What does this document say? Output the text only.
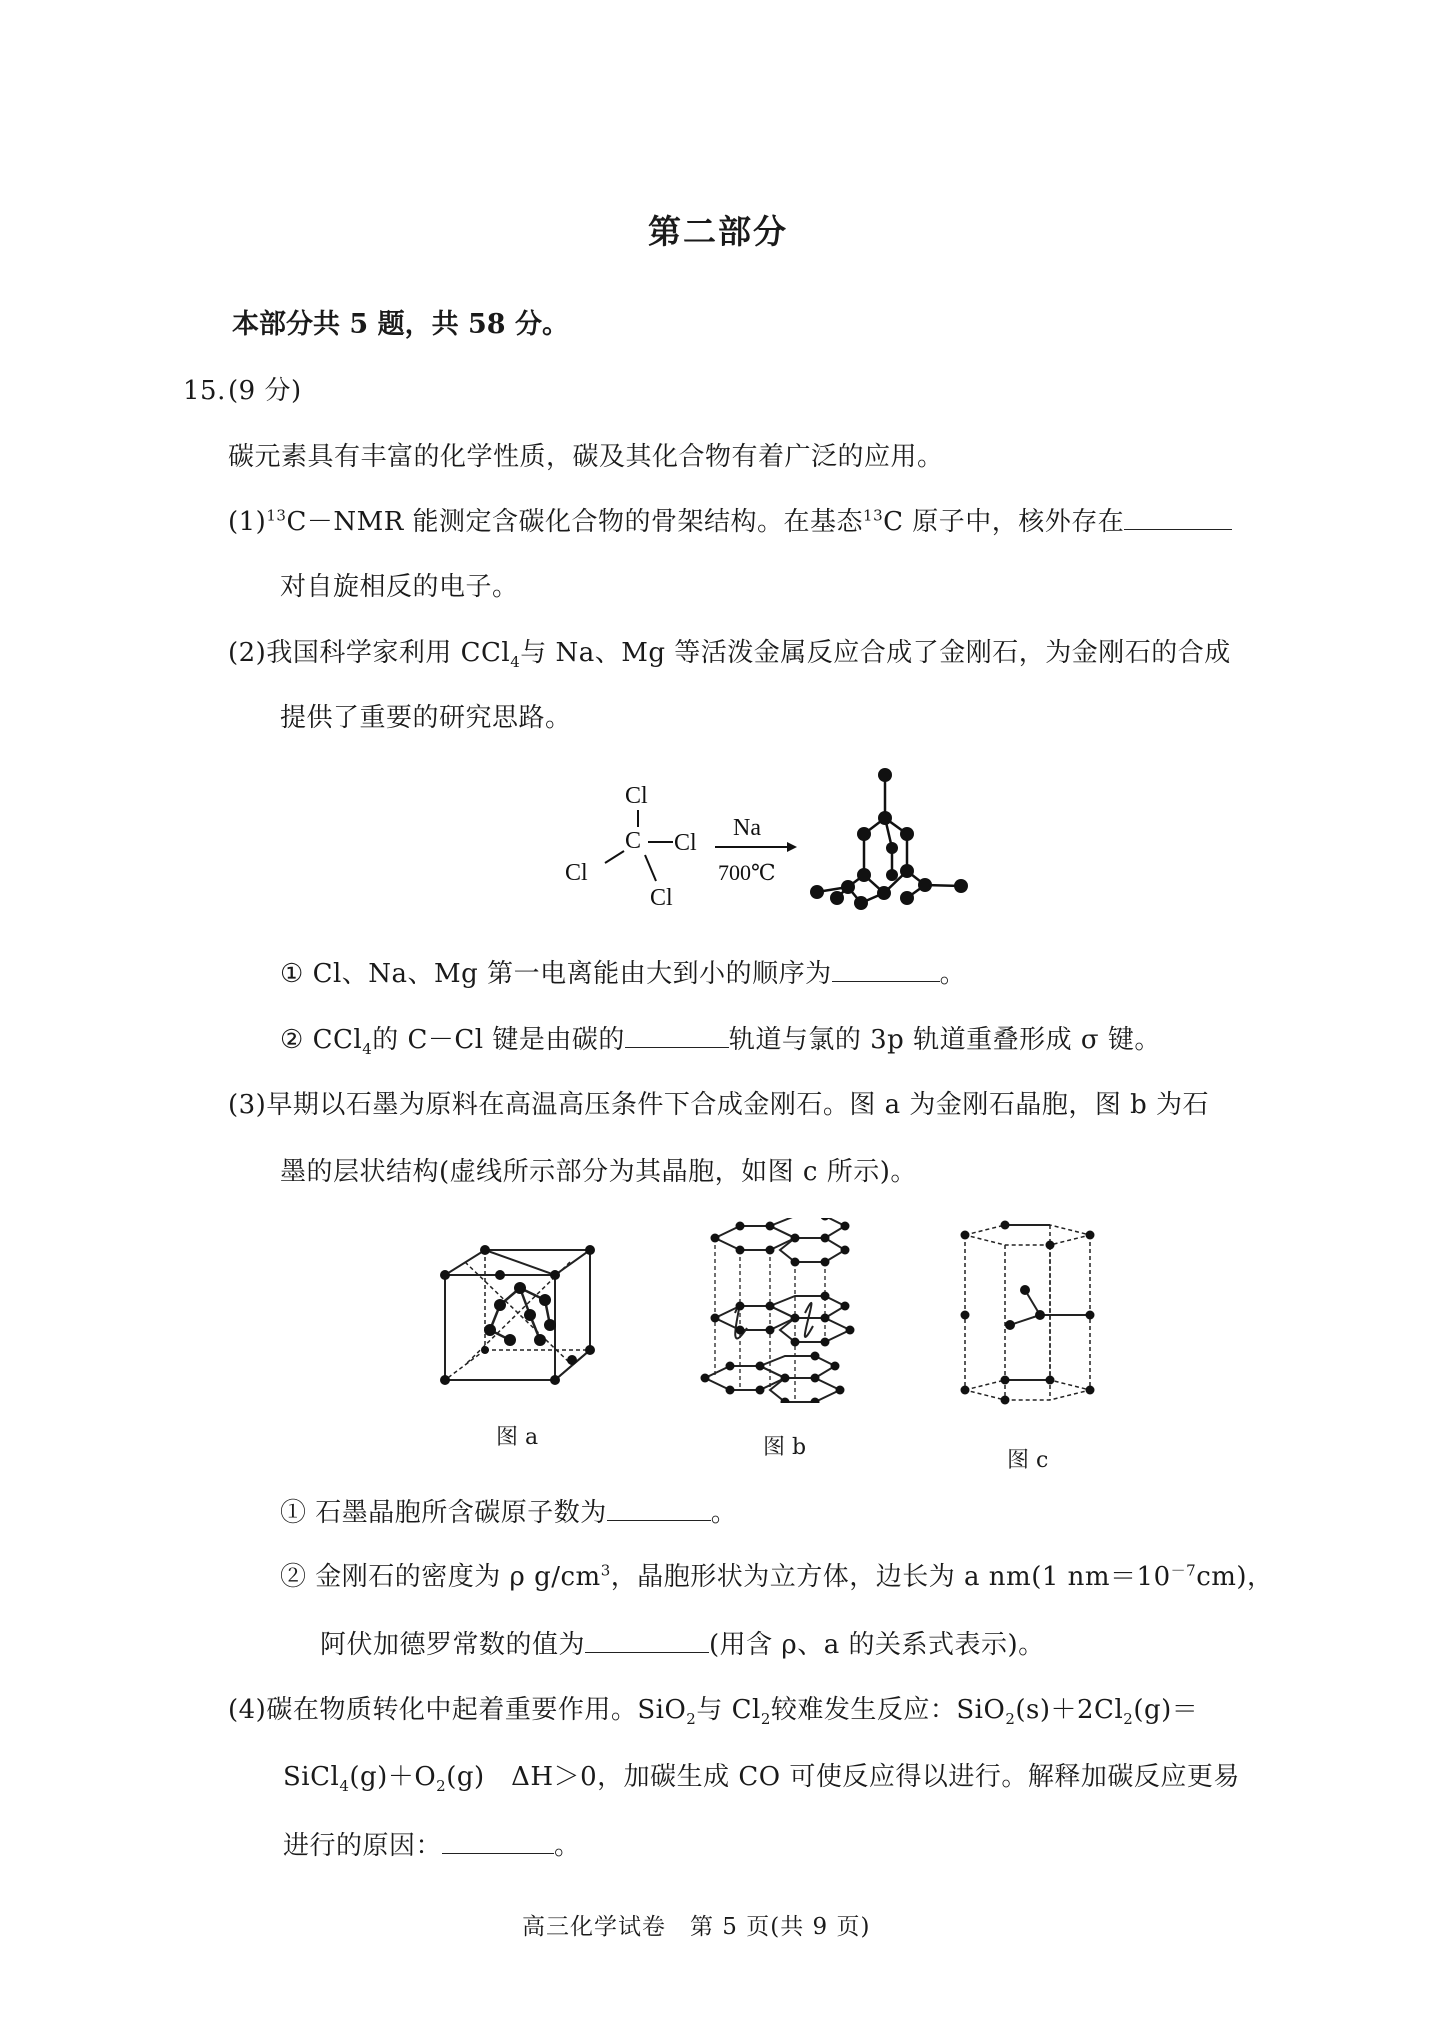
第二部分
本部分共 5 题，共 58 分。
15. (9 分)
碳元素具有丰富的化学性质，碳及其化合物有着广泛的应用。
$(1)^{13}C-NMR$ 能测定含碳化合物的骨架结构。在基态$^{13}$C 原子中，核外存在
对自旋相反的电子。
(2)我国科学家利用 CCl$_4$与 Na、Mg 等活泼金属反应合成了金刚石，为金刚石的合成
提供了重要的研究思路。
Cl
C Cl
Cl
Cl
Na
700℃
① Cl、Na、Mg 第一电离能由大到小的顺序为	。
② CCl$_4$的 C－Cl 键是由碳的	轨道与氯的 3p 轨道重叠形成 σ 键。
(3)早期以石墨为原料在高温高压条件下合成金刚石。图 a 为金刚石晶胞，图 b 为石
墨的层状结构(虚线所示部分为其晶胞，如图 c 所示)。
图 a	图 b
图 c
① 石墨晶胞所含碳原子数为	。
② 金刚石的密度为 ρ $g/cm^3$，晶胞形状为立方体，边长为 a nm(1 $nm=10^{-7}cm$)，
阿伏加德罗常数的值为	(用含 ρ、a 的关系式表示)。
(4)碳在物质转化中起着重要作用。SiO$_2$与 $Cl_2$较难发生反应：$SiO_2(s)+2Cl_2(g)=$
$SiCl_4(g)+O_2(g)$　ΔH＞0，加碳生成 CO 可使反应得以进行。解释加碳反应更易
进行的原因：	。
高三化学试卷　第 5 页(共 9 页)
